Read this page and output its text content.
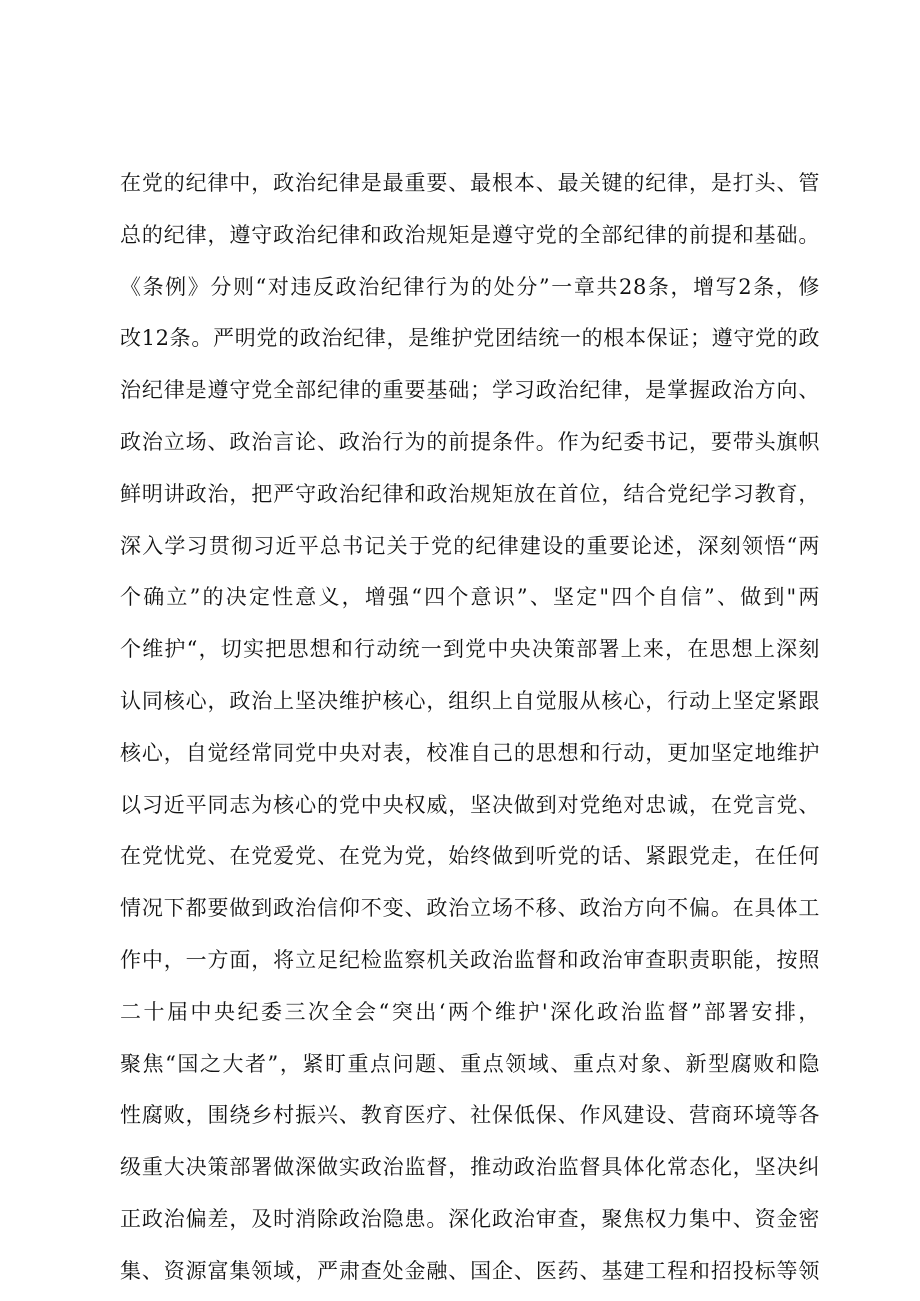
在党的纪律中，政治纪律是最重要、最根本、最关键的纪律，是打头、管
总的纪律，遵守政治纪律和政治规矩是遵守党的全部纪律的前提和基础。
《条例》分则“对违反政治纪律行为的处分”一章共28条，增写2条，修
改12条。严明党的政治纪律，是维护党团结统一的根本保证；遵守党的政
治纪律是遵守党全部纪律的重要基础；学习政治纪律，是掌握政治方向、
政治立场、政治言论、政治行为的前提条件。作为纪委书记，要带头旗帜
鲜明讲政治，把严守政治纪律和政治规矩放在首位，结合党纪学习教育，
深入学习贯彻习近平总书记关于党的纪律建设的重要论述，深刻领悟“两
个确立”的决定性意义，增强“四个意识”、坚定"四个自信”、做到"两
个维护“，切实把思想和行动统一到党中央决策部署上来，在思想上深刻
认同核心，政治上坚决维护核心，组织上自觉服从核心，行动上坚定紧跟
核心，自觉经常同党中央对表，校准自己的思想和行动，更加坚定地维护
以习近平同志为核心的党中央权威，坚决做到对党绝对忠诚，在党言党、
在党忧党、在党爱党、在党为党，始终做到听党的话、紧跟党走，在任何
情况下都要做到政治信仰不变、政治立场不移、政治方向不偏。在具体工
作中，一方面，将立足纪检监察机关政治监督和政治审查职责职能，按照
二十届中央纪委三次全会“突出‘两个维护'深化政治监督”部署安排，
聚焦“国之大者”，紧盯重点问题、重点领域、重点对象、新型腐败和隐
性腐败，围绕乡村振兴、教育医疗、社保低保、作风建设、营商环境等各
级重大决策部署做深做实政治监督，推动政治监督具体化常态化，坚决纠
正政治偏差，及时消除政治隐患。深化政治审查，聚焦权力集中、资金密
集、资源富集领域，严肃查处金融、国企、医药、基建工程和招投标等领
